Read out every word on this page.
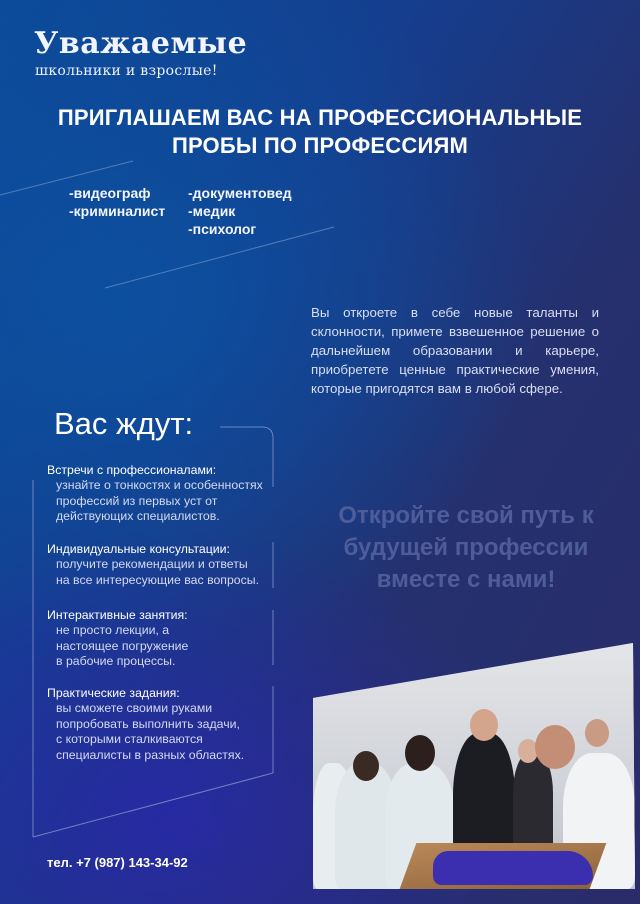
Уважаемые
школьники и взрослые!
ПРИГЛАШАЕМ ВАС НА ПРОФЕССИОНАЛЬНЫЕ
ПРОБЫ ПО ПРОФЕССИЯМ
-видеограф
-криминалист
-документовед
-медик
-психолог
Вы откроете в себе новые таланты и склонности, примете взвешенное решение о дальнейшем образовании и карьере, приобретете ценные практические умения, которые пригодятся вам в любой сфере.
Вас ждут:
Встречи с профессионалами:
узнайте о тонкостях и особенностях
профессий из первых уст от
действующих специалистов.
Индивидуальные консультации:
получите рекомендации и ответы
на все интересующие вас вопросы.
Интерактивные занятия:
не просто лекции, а
настоящее погружение
в рабочие процессы.
Практические задания:
вы сможете своими руками
попробовать выполнить задачи,
с которыми сталкиваются
специалисты в разных областях.
Откройте свой путь к
будущей профессии
вместе с нами!
тел. +7 (987) 143-34-92
